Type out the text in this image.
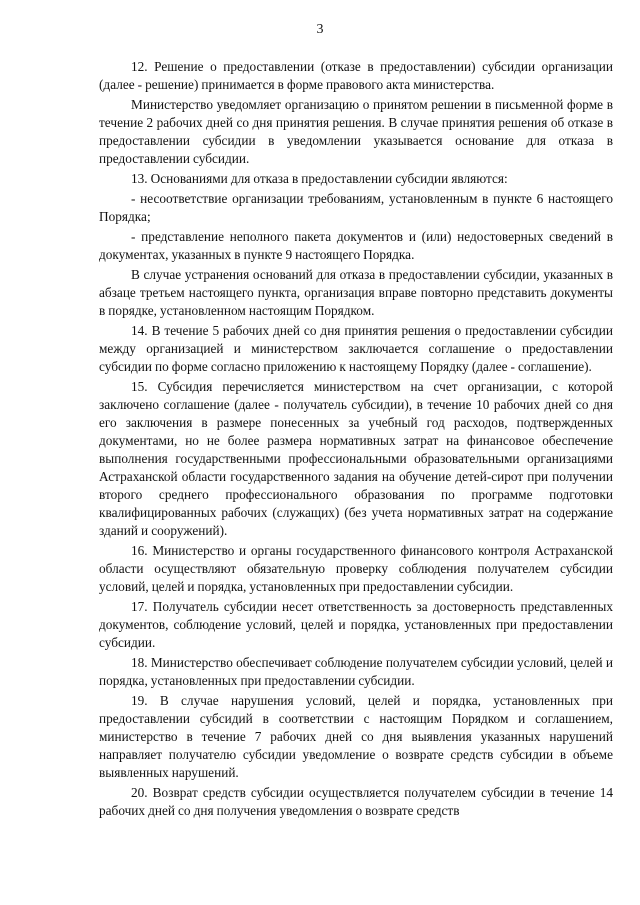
3

12. Решение о предоставлении (отказе в предоставлении) субсидии организации (далее - решение) принимается в форме правового акта министерства.

Министерство уведомляет организацию о принятом решении в письменной форме в течение 2 рабочих дней со дня принятия решения. В случае принятия решения об отказе в предоставлении субсидии в уведомлении указывается основание для отказа в предоставлении субсидии.

13. Основаниями для отказа в предоставлении субсидии являются:

- несоответствие организации требованиям, установленным в пункте 6 настоящего Порядка;

- представление неполного пакета документов и (или) недостоверных сведений в документах, указанных в пункте 9 настоящего Порядка.

В случае устранения оснований для отказа в предоставлении субсидии, указанных в абзаце третьем настоящего пункта, организация вправе повторно представить документы в порядке, установленном настоящим Порядком.

14. В течение 5 рабочих дней со дня принятия решения о предоставлении субсидии между организацией и министерством заключается соглашение о предоставлении субсидии по форме согласно приложению к настоящему Порядку (далее - соглашение).

15. Субсидия перечисляется министерством на счет организации, с которой заключено соглашение (далее - получатель субсидии), в течение 10 рабочих дней со дня его заключения в размере понесенных за учебный год расходов, подтвержденных документами, но не более размера нормативных затрат на финансовое обеспечение выполнения государственными профессиональными образовательными организациями Астраханской области государственного задания на обучение детей-сирот при получении второго среднего профессионального образования по программе подготовки квалифицированных рабочих (служащих) (без учета нормативных затрат на содержание зданий и сооружений).

16. Министерство и органы государственного финансового контроля Астраханской области осуществляют обязательную проверку соблюдения получателем субсидии условий, целей и порядка, установленных при предоставлении субсидии.

17. Получатель субсидии несет ответственность за достоверность представленных документов, соблюдение условий, целей и порядка, установленных при предоставлении субсидии.

18. Министерство обеспечивает соблюдение получателем субсидии условий, целей и порядка, установленных при предоставлении субсидии.

19. В случае нарушения условий, целей и порядка, установленных при предоставлении субсидий в соответствии с настоящим Порядком и соглашением, министерство в течение 7 рабочих дней со дня выявления указанных нарушений направляет получателю субсидии уведомление о возврате средств субсидии в объеме выявленных нарушений.

20. Возврат средств субсидии осуществляется получателем субсидии в течение 14 рабочих дней со дня получения уведомления о возврате средств
